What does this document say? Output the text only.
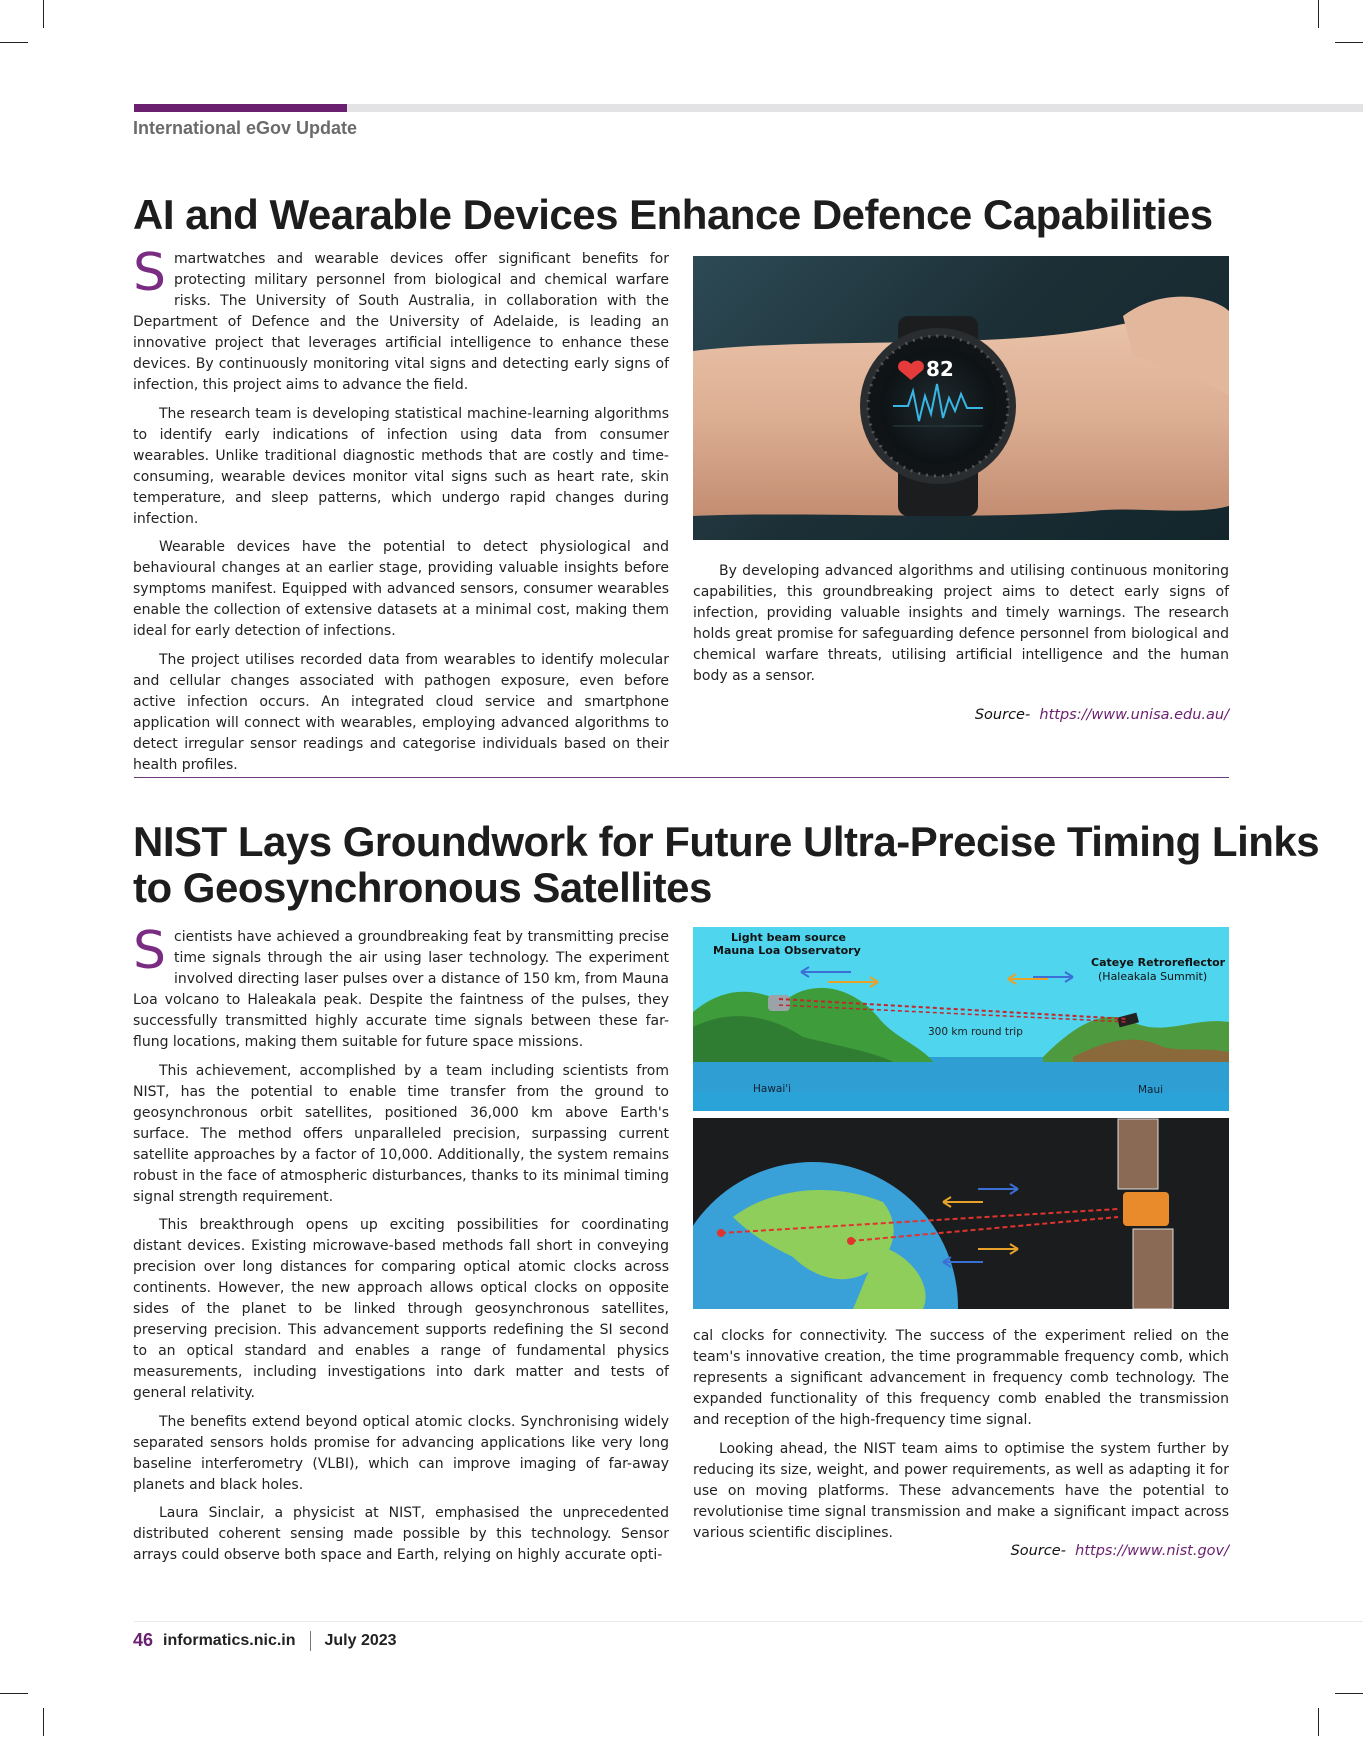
International eGov Update
AI and Wearable Devices Enhance Defence Capabilities

Smartwatches and wearable devices offer significant benefits for protecting military personnel from biological and chemical warfare risks. The University of South Australia, in collaboration with the Department of Defence and the University of Adelaide, is leading an innovative project that leverages artificial intelligence to enhance these devices. By continuously monitoring vital signs and detecting early signs of infection, this project aims to advance the field.

The research team is developing statistical machine-learning algorithms to identify early indications of infection using data from consumer wearables. Unlike traditional diagnostic methods that are costly and time-consuming, wearable devices monitor vital signs such as heart rate, skin temperature, and sleep patterns, which undergo rapid changes during infection.

Wearable devices have the potential to detect physiological and behavioural changes at an earlier stage, providing valuable insights before symptoms manifest. Equipped with advanced sensors, consumer wearables enable the collection of extensive datasets at a minimal cost, making them ideal for early detection of infections.

The project utilises recorded data from wearables to identify molecular and cellular changes associated with pathogen exposure, even before active infection occurs. An integrated cloud service and smartphone application will connect with wearables, employing advanced algorithms to detect irregular sensor readings and categorise individuals based on their health profiles.

82

By developing advanced algorithms and utilising continuous monitoring capabilities, this groundbreaking project aims to detect early signs of infection, providing valuable insights and timely warnings. The research holds great promise for safeguarding defence personnel from biological and chemical warfare threats, utilising artificial intelligence and the human body as a sensor.

Source- https://www.unisa.edu.au/
NIST Lays Groundwork for Future Ultra-Precise Timing Links
to Geosynchronous Satellites

Scientists have achieved a groundbreaking feat by transmitting precise time signals through the air using laser technology. The experiment involved directing laser pulses over a distance of 150 km, from Mauna Loa volcano to Haleakala peak. Despite the faintness of the pulses, they successfully transmitted highly accurate time signals between these far-flung locations, making them suitable for future space missions.

This achievement, accomplished by a team including scientists from NIST, has the potential to enable time transfer from the ground to geosynchronous orbit satellites, positioned 36,000 km above Earth's surface. The method offers unparalleled precision, surpassing current satellite approaches by a factor of 10,000. Additionally, the system remains robust in the face of atmospheric disturbances, thanks to its minimal timing signal strength requirement.

This breakthrough opens up exciting possibilities for coordinating distant devices. Existing microwave-based methods fall short in conveying precision over long distances for comparing optical atomic clocks across continents. However, the new approach allows optical clocks on opposite sides of the planet to be linked through geosynchronous satellites, preserving precision. This advancement supports redefining the SI second to an optical standard and enables a range of fundamental physics measurements, including investigations into dark matter and tests of general relativity.

The benefits extend beyond optical atomic clocks. Synchronising widely separated sensors holds promise for advancing applications like very long baseline interferometry (VLBI), which can improve imaging of far-away planets and black holes.

Laura Sinclair, a physicist at NIST, emphasised the unprecedented distributed coherent sensing made possible by this technology. Sensor arrays could observe both space and Earth, relying on highly accurate opti-

Light beam source
Mauna Loa Observatory
Cateye Retroreflector
(Haleakala Summit)
300 km round trip
Hawai'i	Maui

cal clocks for connectivity. The success of the experiment relied on the team's innovative creation, the time programmable frequency comb, which represents a significant advancement in frequency comb technology. The expanded functionality of this frequency comb enabled the transmission and reception of the high-frequency time signal.

Looking ahead, the NIST team aims to optimise the system further by reducing its size, weight, and power requirements, as well as adapting it for use on moving platforms. These advancements have the potential to revolutionise time signal transmission and make a significant impact across various scientific disciplines.

Source- https://www.nist.gov/
46 informatics.nic.in July 2023
